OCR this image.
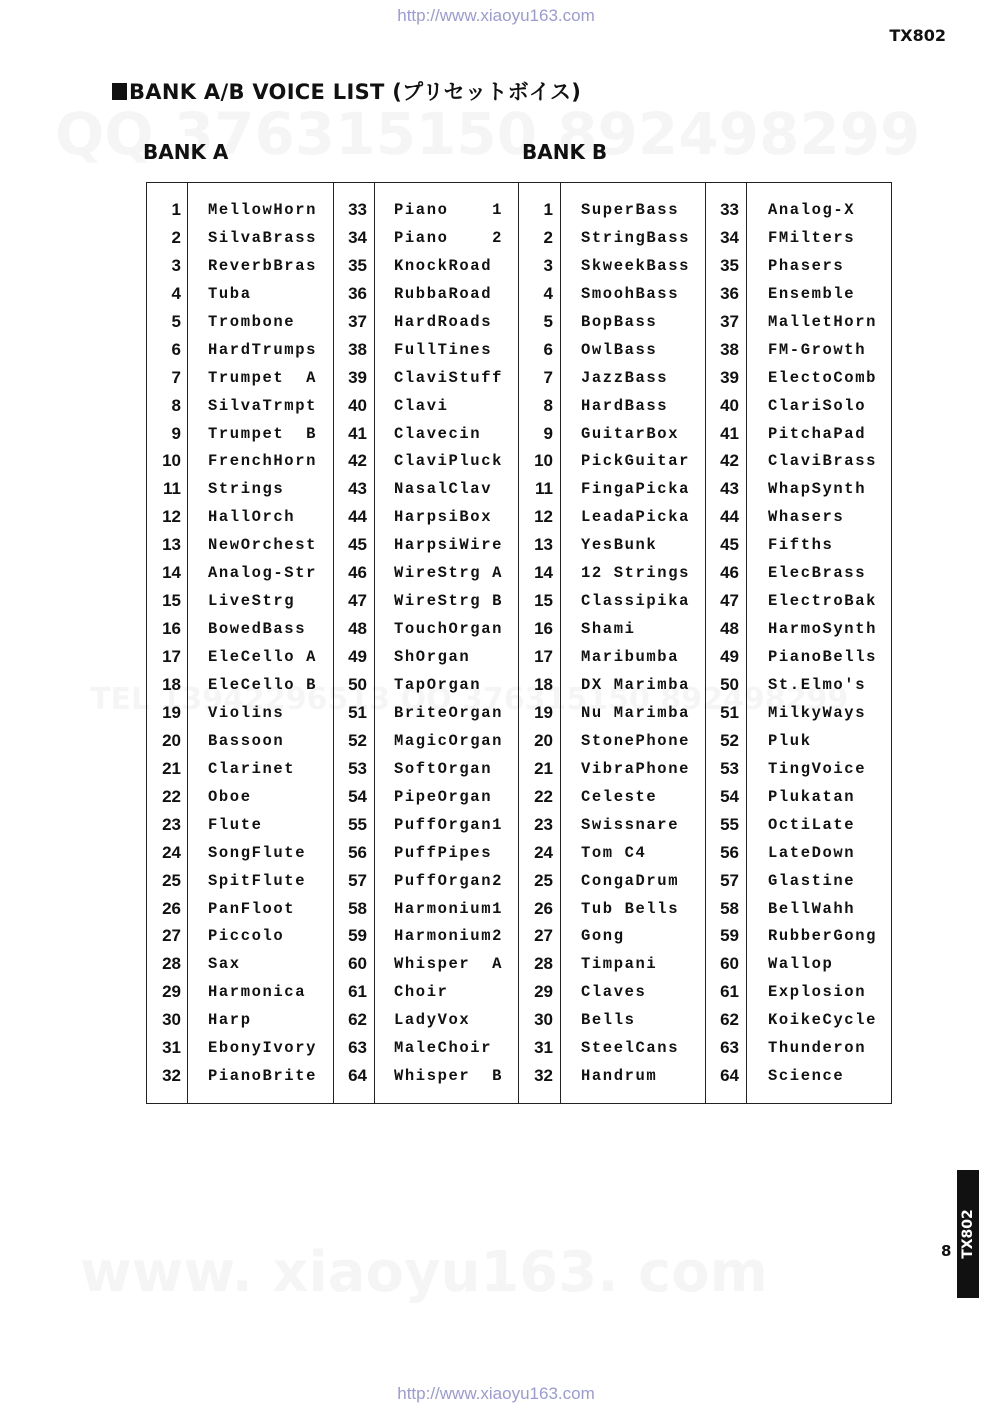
http://www.xiaoyu163.com
TX802
BANK A/B VOICE LIST (プリセットボイス)
BANK A	BANK B
1 MellowHorn
2 SilvaBrass
3 ReverbBras
4 Tuba
5 Trombone
6 HardTrumps
7 Trumpet  A
8 SilvaTrmpt
9 Trumpet  B
10 FrenchHorn
11 Strings
12 HallOrch
13 NewOrchest
14 Analog-Str
15 LiveStrg
16 BowedBass
17 EleCello A
18 EleCello B
19 Violins
20 Bassoon
21 Clarinet
22 Oboe
23 Flute
24 SongFlute
25 SpitFlute
26 PanFloot
27 Piccolo
28 Sax
29 Harmonica
30 Harp
31 EbonyIvory
32 PianoBrite
33 Piano    1
34 Piano    2
35 KnockRoad
36 RubbaRoad
37 HardRoads
38 FullTines
39 ClaviStuff
40 Clavi
41 Clavecin
42 ClaviPluck
43 NasalClav
44 HarpsiBox
45 HarpsiWire
46 WireStrg A
47 WireStrg B
48 TouchOrgan
49 ShOrgan
50 TapOrgan
51 BriteOrgan
52 MagicOrgan
53 SoftOrgan
54 PipeOrgan
55 PuffOrgan1
56 PuffPipes
57 PuffOrgan2
58 Harmonium1
59 Harmonium2
60 Whisper  A
61 Choir
62 LadyVox
63 MaleChoir
64 Whisper  B
1 SuperBass
2 StringBass
3 SkweekBass
4 SmoohBass
5 BopBass
6 OwlBass
7 JazzBass
8 HardBass
9 GuitarBox
10 PickGuitar
11 FingaPicka
12 LeadaPicka
13 YesBunk
14 12 Strings
15 Classipika
16 Shami
17 Maribumba
18 DX Marimba
19 Nu Marimba
20 StonePhone
21 VibraPhone
22 Celeste
23 Swissnare
24 Tom C4
25 CongaDrum
26 Tub Bells
27 Gong
28 Timpani
29 Claves
30 Bells
31 SteelCans
32 Handrum
33 Analog-X
34 FMilters
35 Phasers
36 Ensemble
37 MalletHorn
38 FM-Growth
39 ElectoComb
40 ClariSolo
41 PitchaPad
42 ClaviBrass
43 WhapSynth
44 Whasers
45 Fifths
46 ElecBrass
47 ElectroBak
48 HarmoSynth
49 PianoBells
50 St.Elmo's
51 MilkyWays
52 Pluk
53 TingVoice
54 Plukatan
55 OctiLate
56 LateDown
57 Glastine
58 BellWahh
59 RubberGong
60 Wallop
61 Explosion
62 KoikeCycle
63 Thunderon
64 Science
TX802
8
http://www.xiaoyu163.com
